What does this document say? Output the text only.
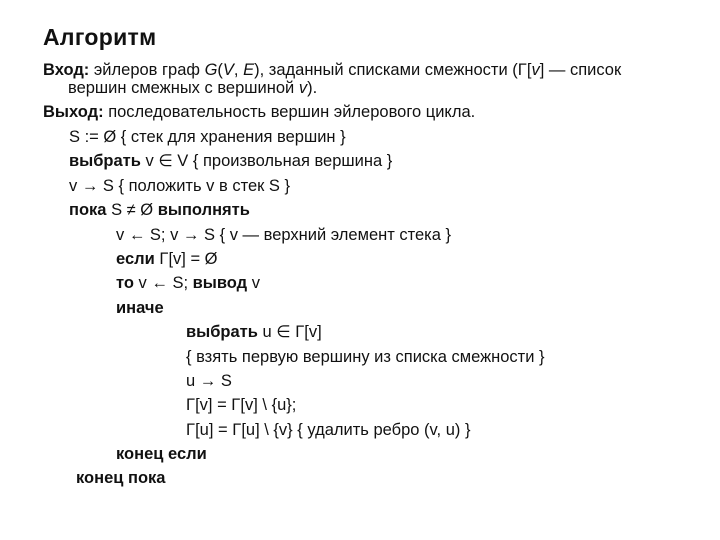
Алгоритм
Вход: эйлеров граф G(V, E), заданный списками смежности (Γ[v] — список
вершин смежных с вершиной v).
Выход: последовательность вершин эйлерового цикла.
S := Ø { стек для хранения вершин }
выбрать v ∈ V { произвольная вершина }
v → S { положить v в стек S }
пока S ≠ Ø выполнять
v ← S; v → S { v — верхний элемент стека }
если Γ[v] = Ø
то v ← S; вывод v
иначе
выбрать u ∈ Γ[v]
{ взять первую вершину из списка смежности }
u → S
Γ[v] = Γ[v] \ {u};
Γ[u] = Γ[u] \ {v} { удалить ребро (v, u) }
конец если
конец пока
